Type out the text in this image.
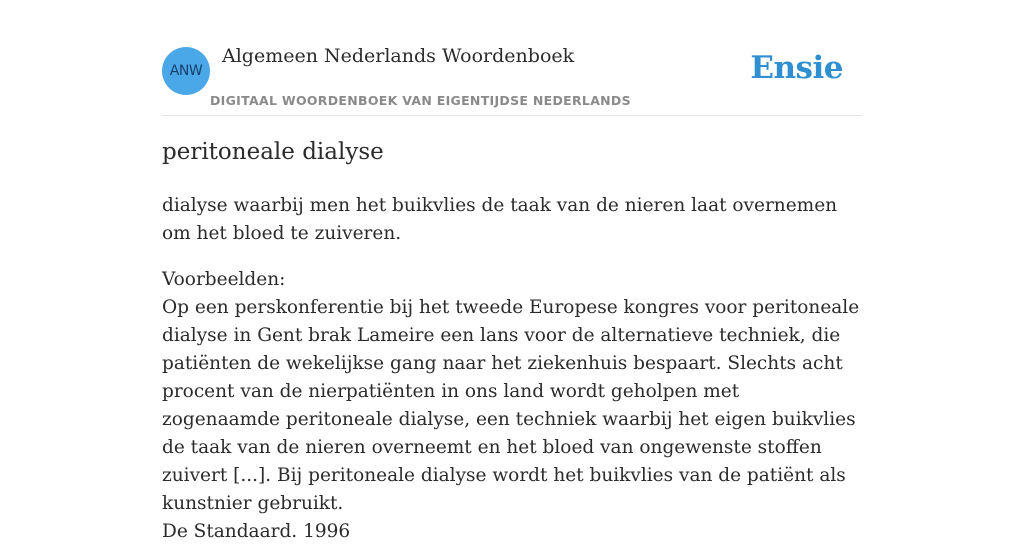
ANW
Algemeen Nederlands Woordenboek
DIGITAAL WOORDENBOEK VAN EIGENTIJDSE NEDERLANDS
Ensie
peritoneale dialyse
dialyse waarbij men het buikvlies de taak van de nieren laat overnemen om het bloed te zuiveren.

Voorbeelden:

Op een perskonferentie bij het tweede Europese kongres voor peritoneale dialyse in Gent brak Lameire een lans voor de alternatieve techniek, die patiënten de wekelijkse gang naar het ziekenhuis bespaart. Slechts acht procent van de nierpatiënten in ons land wordt geholpen met zogenaamde peritoneale dialyse, een techniek waarbij het eigen buikvlies de taak van de nieren overneemt en het bloed van ongewenste stoffen zuivert [...]. Bij peritoneale dialyse wordt het buikvlies van de patiënt als kunstnier gebruikt.

De Standaard. 1996
